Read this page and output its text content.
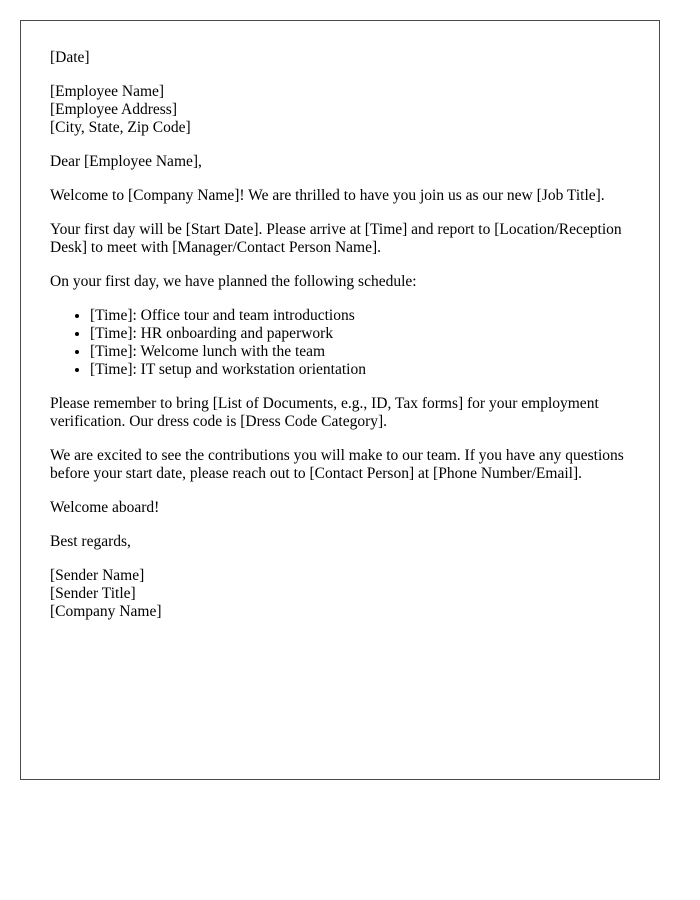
[Date]

[Employee Name]
[Employee Address]
[City, State, Zip Code]

Dear [Employee Name],

Welcome to [Company Name]! We are thrilled to have you join us as our new [Job Title].

Your first day will be [Start Date]. Please arrive at [Time] and report to [Location/Reception Desk] to meet with [Manager/Contact Person Name].

On your first day, we have planned the following schedule:

• [Time]: Office tour and team introductions
• [Time]: HR onboarding and paperwork
• [Time]: Welcome lunch with the team
• [Time]: IT setup and workstation orientation

Please remember to bring [List of Documents, e.g., ID, Tax forms] for your employment verification. Our dress code is [Dress Code Category].

We are excited to see the contributions you will make to our team. If you have any questions before your start date, please reach out to [Contact Person] at [Phone Number/Email].

Welcome aboard!

Best regards,

[Sender Name]
[Sender Title]
[Company Name]
